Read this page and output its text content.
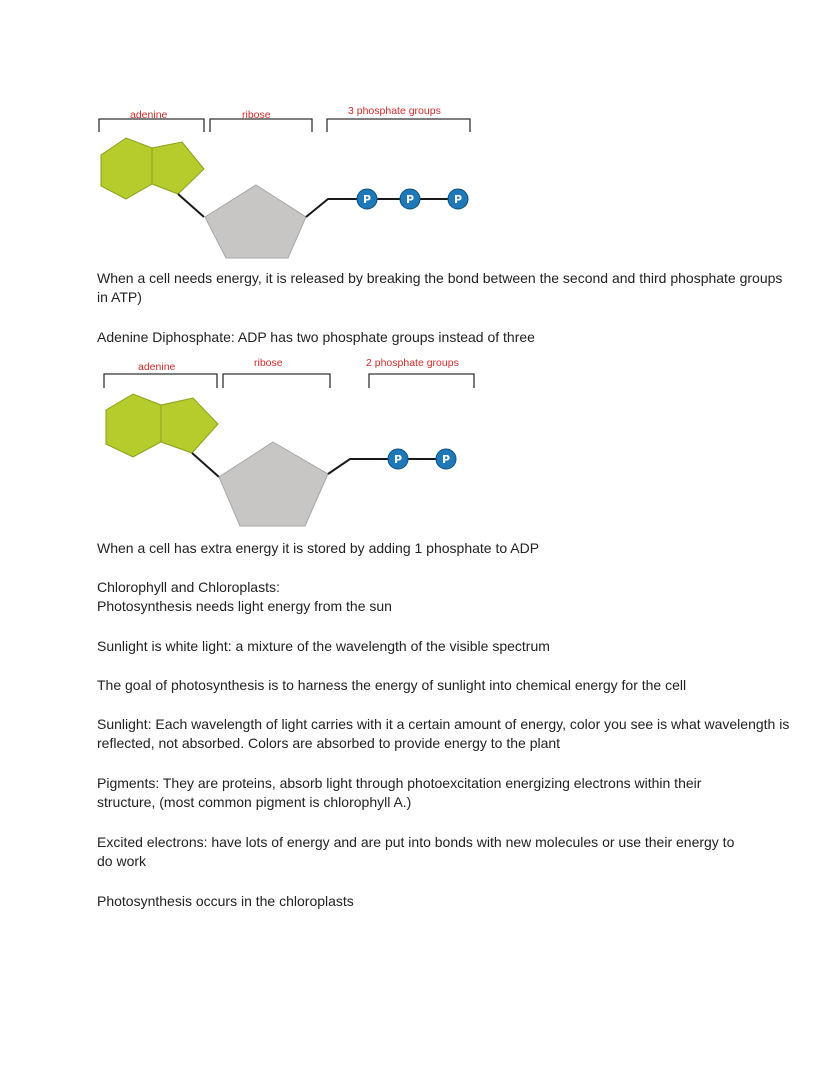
adenine	ribose	3 phosphate groups
P	P	P

When a cell needs energy, it is released by breaking the bond between the second and third phosphate groups in ATP)

Adenine Diphosphate: ADP has two phosphate groups instead of three

adenine	ribose	2 phosphate groups
P	P

When a cell has extra energy it is stored by adding 1 phosphate to ADP

Chlorophyll and Chloroplasts:

Photosynthesis needs light energy from the sun

Sunlight is white light: a mixture of the wavelength of the visible spectrum

The goal of photosynthesis is to harness the energy of sunlight into chemical energy for the cell

Sunlight: Each wavelength of light carries with it a certain amount of energy, color you see is what wavelength is reflected, not absorbed. Colors are absorbed to provide energy to the plant

Pigments: They are proteins, absorb light through photoexcitation energizing electrons within their structure, (most common pigment is chlorophyll A.)

Excited electrons: have lots of energy and are put into bonds with new molecules or use their energy to do work

Photosynthesis occurs in the chloroplasts
